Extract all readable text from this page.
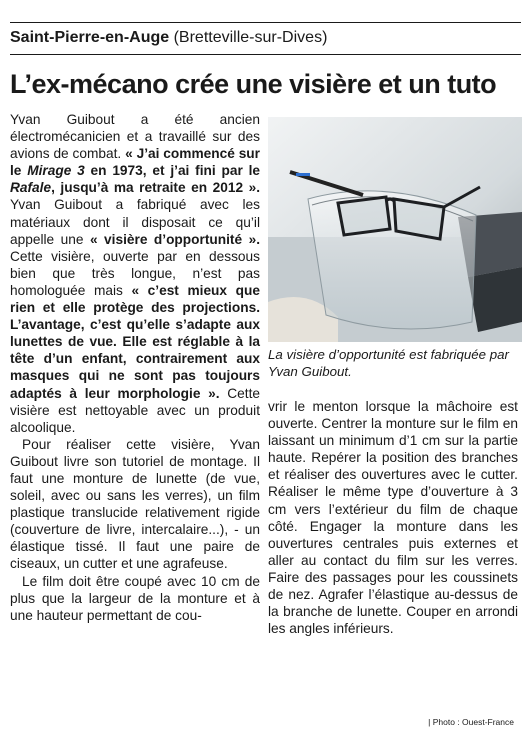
Saint-Pierre-en-Auge (Bretteville-sur-Dives)
L’ex-mécano crée une visière et un tuto

Yvan Guibout a été ancien électromécanicien et a travaillé sur des avions de combat. « J’ai commencé sur le Mirage 3 en 1973, et j’ai fini par le Rafale, jusqu’à ma retraite en 2012 ». Yvan Guibout a fabriqué avec les matériaux dont il disposait ce qu’il appelle une « visière d’opportunité ». Cette visière, ouverte par en dessous bien que très longue, n’est pas homologuée mais « c’est mieux que rien et elle protège des projections. L’avantage, c’est qu’elle s’adapte aux lunettes de vue. Elle est réglable à la tête d’un enfant, contrairement aux masques qui ne sont pas toujours adaptés à leur morphologie ». Cette visière est nettoyable avec un produit alcoolique.

Pour réaliser cette visière, Yvan Guibout livre son tutoriel de montage. Il faut une monture de lunette (de vue, soleil, avec ou sans les verres), un film plastique translucide relativement rigide (couverture de livre, intercalaire...), - un élastique tissé. Il faut une paire de ciseaux, un cutter et une agrafeuse.

Le film doit être coupé avec 10 cm de plus que la largeur de la monture et à une hauteur permettant de cou-

La visière d’opportunité est fabriquée par Yvan Guibout.
| Photo : Ouest-France

vrir le menton lorsque la mâchoire est ouverte. Centrer la monture sur le film en laissant un minimum d’1 cm sur la partie haute. Repérer la position des branches et réaliser des ouvertures avec le cutter. Réaliser le même type d’ouverture à 3 cm vers l’extérieur du film de chaque côté. Engager la monture dans les ouvertures centrales puis externes et aller au contact du film sur les verres. Faire des passages pour les coussinets de nez. Agrafer l’élastique au-dessus de la branche de lunette. Couper en arrondi les angles inférieurs.
